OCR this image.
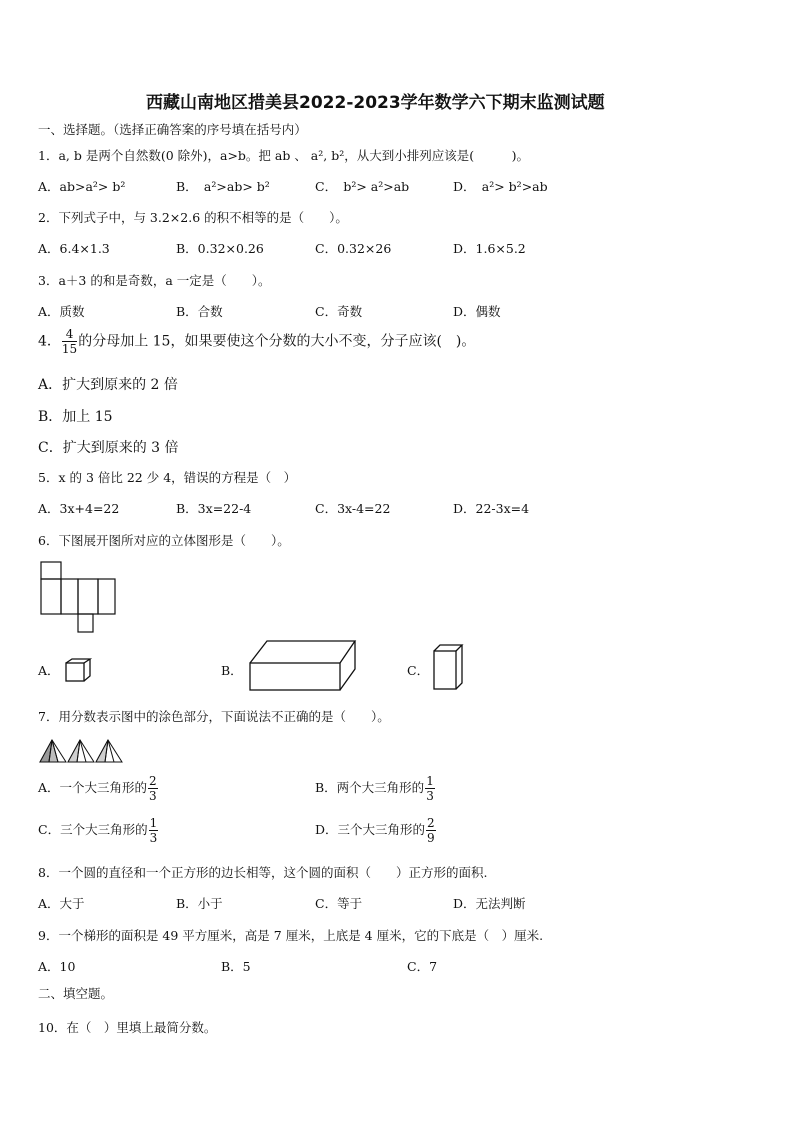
西藏山南地区措美县2022-2023学年数学六下期末监测试题
一、选择题。（选择正确答案的序号填在括号内）
1．a, b 是两个自然数(0 除外)，a>b。把 ab 、 a², b²，从大到小排列应该是(　　　)。
A．ab>a²> b²	B．　a²>ab> b²	C．　b²> a²>ab	D．　a²> b²>ab
2．下列式子中，与 3.2×2.6 的积不相等的是（　　）。
A．6.4×1.3	B．0.32×0.26	C．0.32×26	D．1.6×5.2
3．a＋3 的和是奇数，a 一定是（　　）。
A．质数	B．合数	C．奇数	D．偶数
4． $\frac{4}{15}$ 的分母加上 15，如果要使这个分数的大小不变，分子应该(　)。
A．扩大到原来的 2 倍
B．加上 15
C．扩大到原来的 3 倍
5．x 的 3 倍比 22 少 4，错误的方程是（　）
A．3x+4=22	B．3x=22-4	C．3x-4=22	D．22-3x=4
6．下图展开图所对应的立体图形是（　　）。
A．	B．	C．
7．用分数表示图中的涂色部分，下面说法不正确的是（　　）。
A．一个大三角形的 $\frac{2}{3}$	B．两个大三角形的 $\frac{1}{3}$
C．三个大三角形的 $\frac{1}{3}$	D．三个大三角形的 $\frac{2}{9}$
8．一个圆的直径和一个正方形的边长相等，这个圆的面积（　　）正方形的面积.
A．大于	B．小于	C．等于	D．无法判断
9．一个梯形的面积是 49 平方厘米，高是 7 厘米，上底是 4 厘米，它的下底是（　）厘米.
A．10	B．5	C．7
二、填空题。
10．在（　）里填上最简分数。
